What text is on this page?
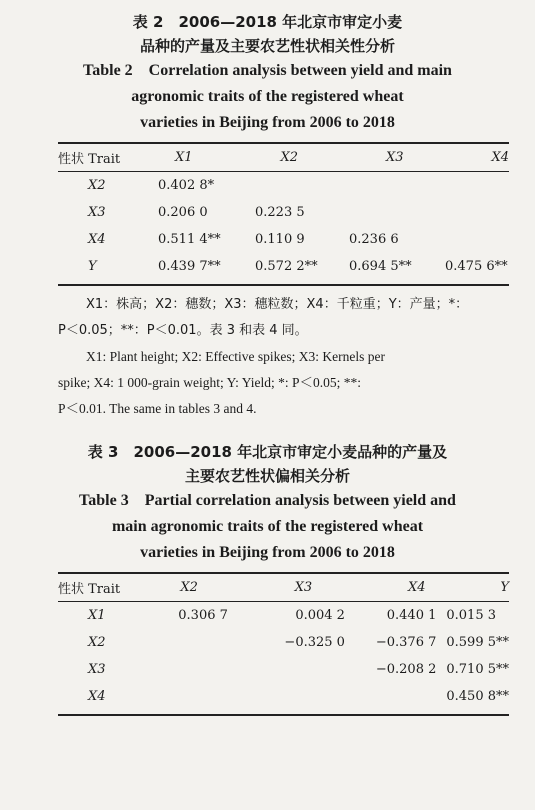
表 2　2006—2018 年北京市审定小麦

品种的产量及主要农艺性状相关性分析

Table 2　Correlation analysis between yield and main

agronomic traits of the registered wheat

varieties in Beijing from 2006 to 2018

性状 Trait	X1	X2	X3	X4
X2	0.402 8*			
X3	0.206 0	0.223 5		
X4	0.511 4**	0.110 9	0.236 6	
Y	0.439 7**	0.572 2**	0.694 5**	0.475 6**

X1：株高；X2：穗数；X3：穗粒数；X4：千粒重；Y：产量；*：

P＜0.05；**：P＜0.01。表 3 和表 4 同。

X1: Plant height; X2: Effective spikes; X3: Kernels per

spike; X4: 1 000-grain weight; Y: Yield; *: P＜0.05; **:

P＜0.01. The same in tables 3 and 4.

表 3　2006—2018 年北京市审定小麦品种的产量及

主要农艺性状偏相关分析

Table 3　Partial correlation analysis between yield and

main agronomic traits of the registered wheat

varieties in Beijing from 2006 to 2018

性状 Trait	X2	X3	X4	Y
X1	0.306 7	0.004 2	0.440 1	0.015 3
X2		−0.325 0	−0.376 7	0.599 5**
X3			−0.208 2	0.710 5**
X4				0.450 8**
